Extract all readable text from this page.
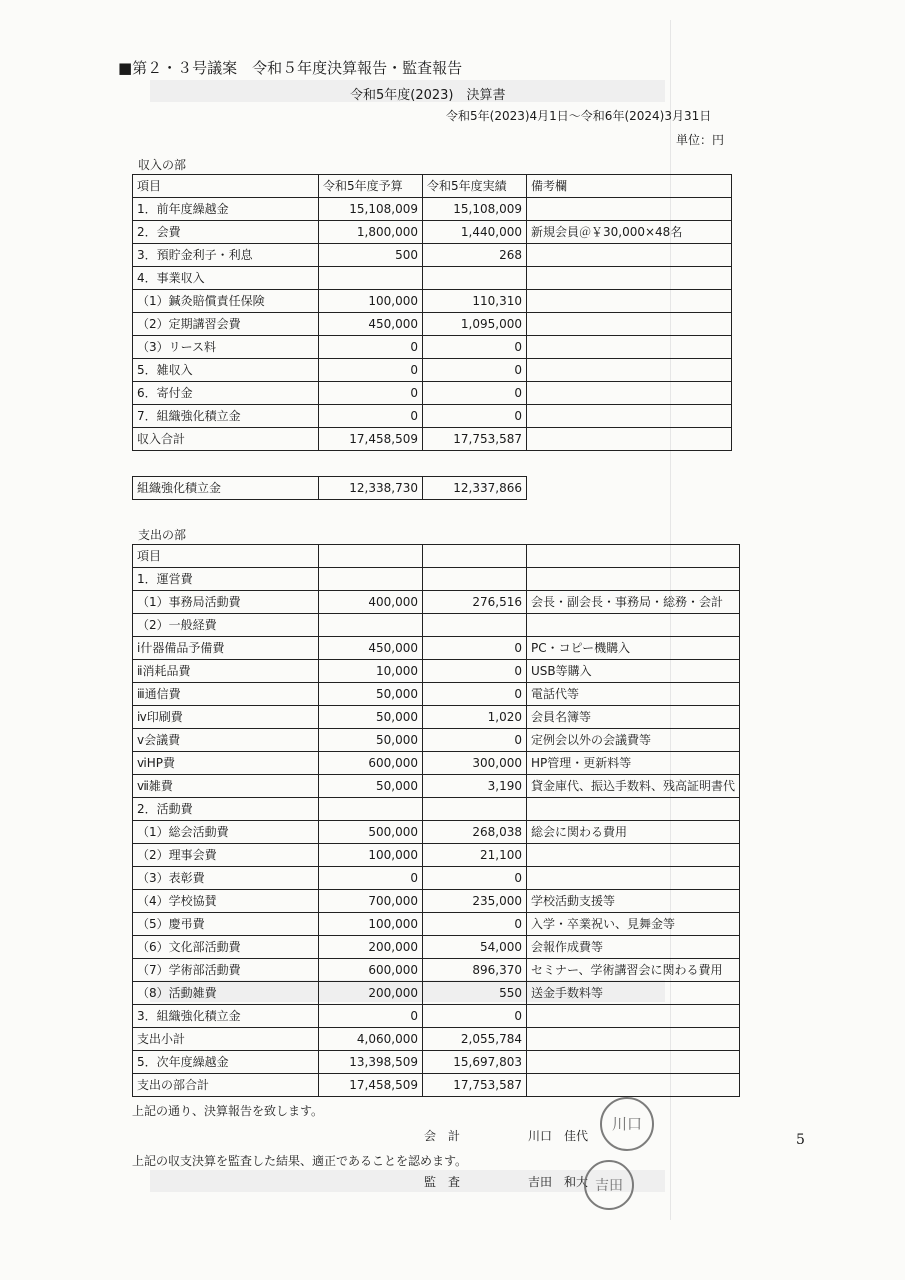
■第２・３号議案　令和５年度決算報告・監査報告
令和5年度(2023)　決算書
令和5年(2023)4月1日～令和6年(2024)3月31日
単位：円
収入の部
項目	令和5年度予算	令和5年度実績	備考欄
1．前年度繰越金	15,108,009	15,108,009	
2．会費	1,800,000	1,440,000	新規会員＠￥30,000×48名
3．預貯金利子・利息	500	268	
4．事業収入			
（1）鍼灸賠償責任保険	100,000	110,310	
（2）定期講習会費	450,000	1,095,000	
（3）リース料	0	0	
5．雑収入	0	0	
6．寄付金	0	0	
7．組織強化積立金	0	0	
収入合計	17,458,509	17,753,587	
組織強化積立金	12,338,730	12,337,866
支出の部
項目			
1．運営費			
（1）事務局活動費	400,000	276,516	会長・副会長・事務局・総務・会計
（2）一般経費			
ⅰ什器備品予備費	450,000	0	PC・コピー機購入
ⅱ消耗品費	10,000	0	USB等購入
ⅲ通信費	50,000	0	電話代等
ⅳ印刷費	50,000	1,020	会員名簿等
ⅴ会議費	50,000	0	定例会以外の会議費等
ⅵHP費	600,000	300,000	HP管理・更新料等
ⅶ雑費	50,000	3,190	貸金庫代、振込手数料、残高証明書代
2．活動費			
（1）総会活動費	500,000	268,038	総会に関わる費用
（2）理事会費	100,000	21,100	
（3）表彰費	0	0	
（4）学校協賛	700,000	235,000	学校活動支援等
（5）慶弔費	100,000	0	入学・卒業祝い、見舞金等
（6）文化部活動費	200,000	54,000	会報作成費等
（7）学術部活動費	600,000	896,370	セミナー、学術講習会に関わる費用
（8）活動雑費	200,000	550	送金手数料等
3．組織強化積立金	0	0	
支出小計	4,060,000	2,055,784	
5．次年度繰越金	13,398,509	15,697,803	
支出の部合計	17,458,509	17,753,587	
上記の通り、決算報告を致します。
会　計	川口　佳代
川口
上記の収支決算を監査した結果、適正であることを認めます。
監　査	吉田　和大 吉田
5
